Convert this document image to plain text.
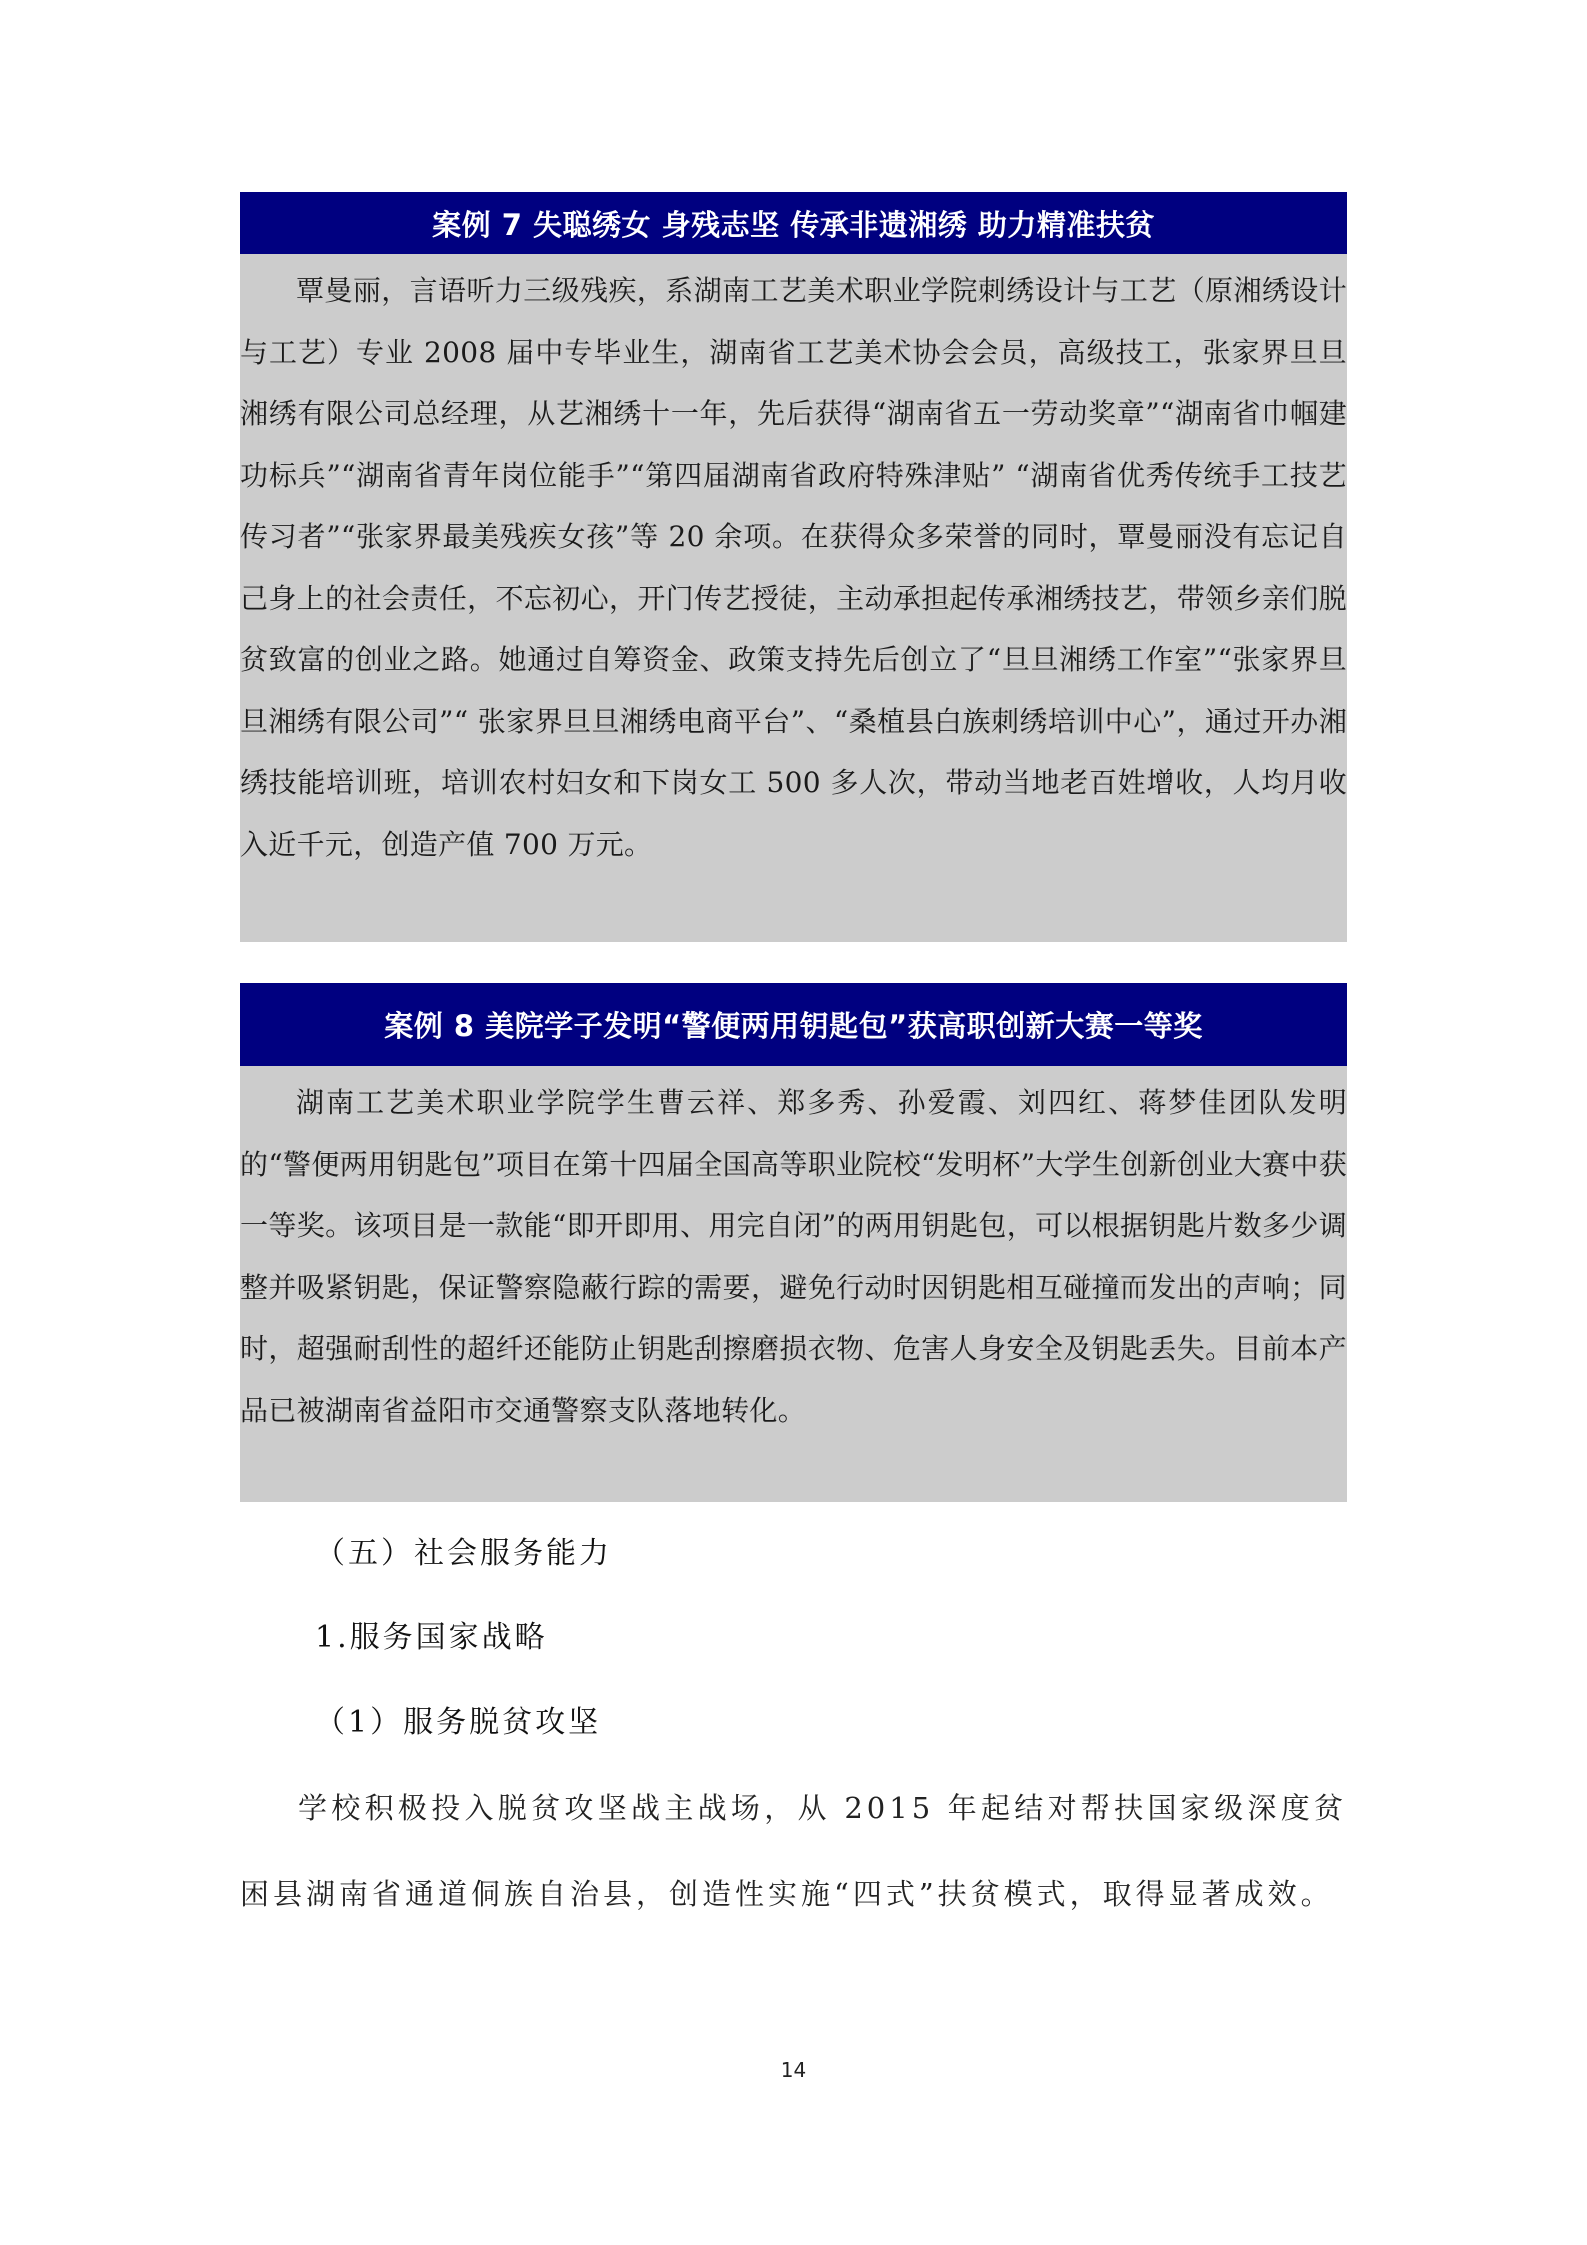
案例 7 失聪绣女 身残志坚 传承非遗湘绣 助力精准扶贫

覃曼丽，言语听力三级残疾，系湖南工艺美术职业学院刺绣设计与工艺（原湘绣设计与工艺）专业 2008 届中专毕业生，湖南省工艺美术协会会员，高级技工，张家界旦旦湘绣有限公司总经理，从艺湘绣十一年，先后获得“湖南省五一劳动奖章”“湖南省巾帼建功标兵”“湖南省青年岗位能手”“第四届湖南省政府特殊津贴” “湖南省优秀传统手工技艺传习者”“张家界最美残疾女孩”等 20 余项。在获得众多荣誉的同时，覃曼丽没有忘记自己身上的社会责任，不忘初心，开门传艺授徒，主动承担起传承湘绣技艺，带领乡亲们脱贫致富的创业之路。她通过自筹资金、政策支持先后创立了“旦旦湘绣工作室”“张家界旦旦湘绣有限公司”“ 张家界旦旦湘绣电商平台”、“桑植县白族刺绣培训中心”，通过开办湘绣技能培训班，培训农村妇女和下岗女工 500 多人次，带动当地老百姓增收，人均月收入近千元，创造产值 700 万元。

案例 8 美院学子发明“警便两用钥匙包”获高职创新大赛一等奖

湖南工艺美术职业学院学生曹云祥、郑多秀、孙爱霞、刘四红、蒋梦佳团队发明的“警便两用钥匙包”项目在第十四届全国高等职业院校“发明杯”大学生创新创业大赛中获一等奖。该项目是一款能“即开即用、用完自闭”的两用钥匙包，可以根据钥匙片数多少调整并吸紧钥匙，保证警察隐蔽行踪的需要，避免行动时因钥匙相互碰撞而发出的声响；同时，超强耐刮性的超纤还能防止钥匙刮擦磨损衣物、危害人身安全及钥匙丢失。目前本产品已被湖南省益阳市交通警察支队落地转化。

（五）社会服务能力
1.服务国家战略
（1）服务脱贫攻坚

学校积极投入脱贫攻坚战主战场，从 2015 年起结对帮扶国家级深度贫困县湖南省通道侗族自治县，创造性实施“四式”扶贫模式，取得显著成效。

14
